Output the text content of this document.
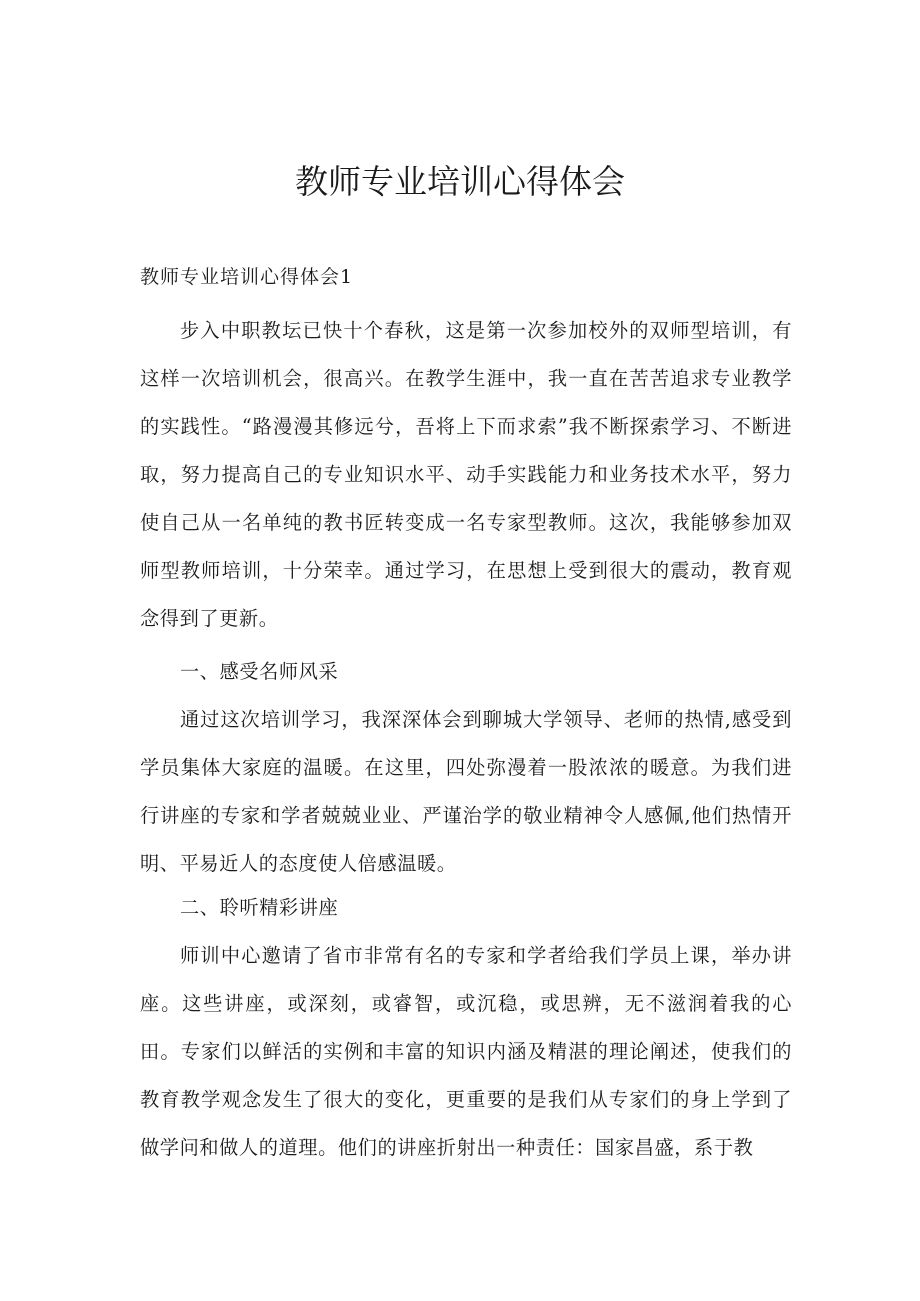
教师专业培训心得体会

教师专业培训心得体会1

步入中职教坛已快十个春秋，这是第一次参加校外的双师型培训，有这样一次培训机会，很高兴。在教学生涯中，我一直在苦苦追求专业教学的实践性。“路漫漫其修远兮，吾将上下而求索”我不断探索学习、不断进取，努力提高自己的专业知识水平、动手实践能力和业务技术水平，努力使自己从一名单纯的教书匠转变成一名专家型教师。这次，我能够参加双师型教师培训，十分荣幸。通过学习，在思想上受到很大的震动，教育观念得到了更新。

一、感受名师风采

通过这次培训学习，我深深体会到聊城大学领导、老师的热情,感受到学员集体大家庭的温暖。在这里，四处弥漫着一股浓浓的暖意。为我们进行讲座的专家和学者兢兢业业、严谨治学的敬业精神令人感佩,他们热情开明、平易近人的态度使人倍感温暖。

二、聆听精彩讲座

师训中心邀请了省市非常有名的专家和学者给我们学员上课，举办讲座。这些讲座，或深刻，或睿智，或沉稳，或思辨，无不滋润着我的心田。专家们以鲜活的实例和丰富的知识内涵及精湛的理论阐述，使我们的教育教学观念发生了很大的变化，更重要的是我们从专家们的身上学到了做学问和做人的道理。他们的讲座折射出一种责任：国家昌盛，系于教
